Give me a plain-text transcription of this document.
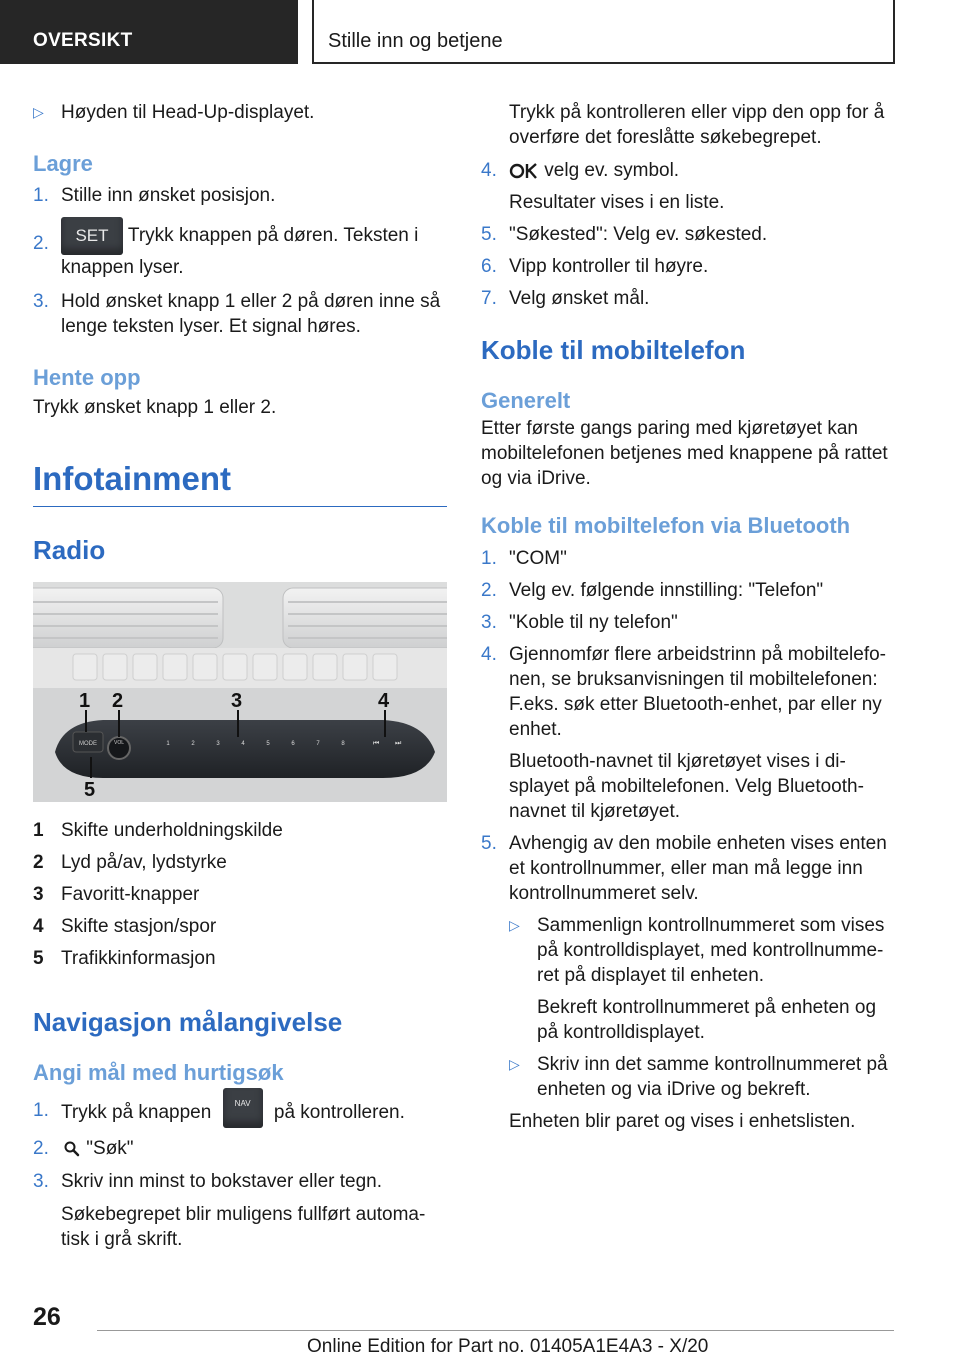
OVERSIKT	Stille inn og betjene
▷ Høyden til Head-Up-displayet.

Lagre

1. Stille inn ønsket posisjon.
2. SET Trykk knappen på døren. Teksten i knappen lyser.
3. Hold ønsket knapp 1 eller 2 på døren inne så lenge teksten lyser. Et signal høres.

Hente opp

Trykk ønsket knapp 1 eller 2.

Infotainment

Radio

MODE	VOL	1	2	3	4	5	6	7	8	⏮ ⏭
1 2	3	4
5
1 Skifte underholdningskilde
2 Lyd på/av, lydstyrke
3 Favoritt-knapper
4 Skifte stasjon/spor
5 Trafikkinformasjon

Navigasjon målangivelse

Angi mål med hurtigsøk

1. Trykk på knappen NAV på kontrolleren.
2. "Søk"
3. Skriv inn minst to bokstaver eller tegn.

Søkebegrepet blir muligens fullført automa-tisk i grå skrift.

Trykk på kontrolleren eller vipp den opp for å overføre det foreslåtte søkebegrepet.

4. velg ev. symbol.

Resultater vises i en liste.

5. "Søkested": Velg ev. søkested.
6. Vipp kontroller til høyre.
7. Velg ønsket mål.

Koble til mobiltelefon

Generelt

Etter første gangs paring med kjøretøyet kan mobiltelefonen betjenes med knappene på rattet og via iDrive.

Koble til mobiltelefon via Bluetooth

1. "COM"
2. Velg ev. følgende innstilling: "Telefon"
3. "Koble til ny telefon"
4. Gjennomfør flere arbeidstrinn på mobiltelefo-nen, se bruksanvisningen til mobiltelefonen: F.eks. søk etter Bluetooth-enhet, par eller ny enhet.

Bluetooth-navnet til kjøretøyet vises i di-splayet på mobiltelefonen. Velg Bluetooth-navnet til kjøretøyet.

5. Avhengig av den mobile enheten vises enten et kontrollnummer, eller man må legge inn kontrollnummeret selv.
▷ Sammenlign kontrollnummeret som vises på kontrolldisplayet, med kontrollnumme-ret på displayet til enheten.

Bekreft kontrollnummeret på enheten og på kontrolldisplayet.

▷ Skriv inn det samme kontrollnummeret på enheten og via iDrive og bekreft.

Enheten blir paret og vises i enhetslisten.

26
Online Edition for Part no. 01405A1E4A3 - X/20
